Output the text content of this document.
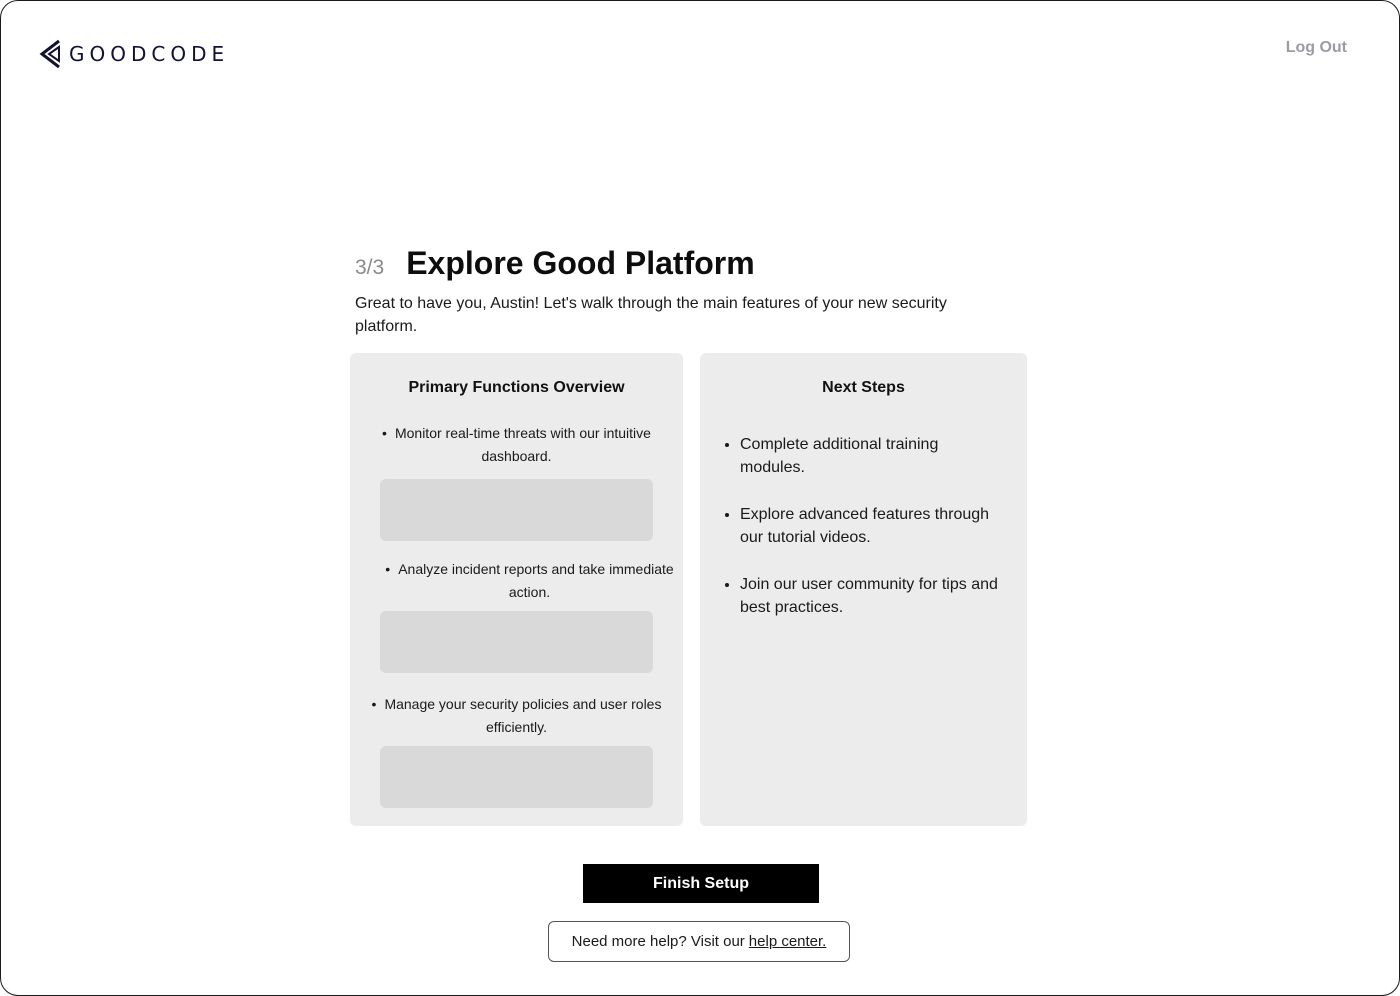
GOODCODE	Log Out
3/3 Explore Good Platform
Great to have you, Austin! Let's walk through the main features of your new security platform.
Primary Functions Overview
• Monitor real-time threats with our intuitive dashboard.
• Analyze incident reports and take immediate action.
• Manage your security policies and user roles efficiently.
Next Steps
• Complete additional training modules.
• Explore advanced features through our tutorial videos.
• Join our user community for tips and best practices.
Finish Setup
Need more help? Visit our help center.
